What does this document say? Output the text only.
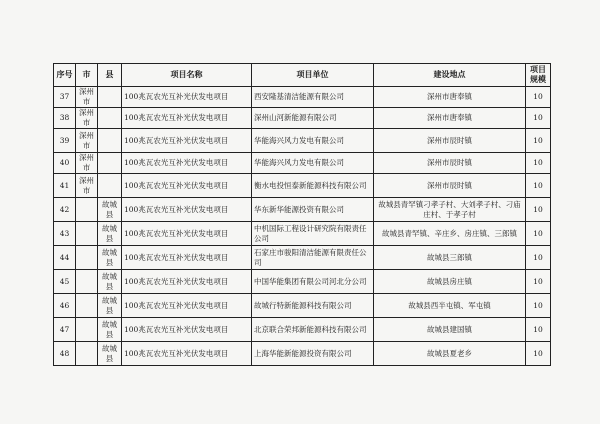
序号	市	县	项目名称	项目单位	建设地点	项目规模
37	深州市		100兆瓦农光互补光伏发电项目	西安隆基清洁能源有限公司	深州市唐奉镇	10
38	深州市		100兆瓦农光互补光伏发电项目	深州山河新能源有限公司	深州市唐奉镇	10
39	深州市		100兆瓦农光互补光伏发电项目	华能海兴风力发电有限公司	深州市辰时镇	10
40	深州市		100兆瓦农光互补光伏发电项目	华能海兴风力发电有限公司	深州市辰时镇	10
41	深州市		100兆瓦农光互补光伏发电项目	衡水电投恒泰新能源科技有限公司	深州市辰时镇	10
42		故城县	100兆瓦农光互补光伏发电项目	华东新华能源投资有限公司	故城县青罕镇刁孝子村、大刘孝子村、刁庙庄村、于孝子村	10
43		故城县	100兆瓦农光互补光伏发电项目	中机国际工程设计研究院有限责任公司	故城县青罕镇、辛庄乡、房庄镇、三郎镇	10
44		故城县	100兆瓦农光互补光伏发电项目	石家庄市骏阳清洁能源有限责任公司	故城县三郎镇	10
45		故城县	100兆瓦农光互补光伏发电项目	中国华能集团有限公司河北分公司	故城县房庄镇	10
46		故城县	100兆瓦农光互补光伏发电项目	故城行特新能源科技有限公司	故城县西半屯镇、军屯镇	10
47		故城县	100兆瓦农光互补光伏发电项目	北京联合荣邦新能源科技有限公司	故城县建国镇	10
48		故城县	100兆瓦农光互补光伏发电项目	上海华能新能源投资有限公司	故城县夏老乡	10
